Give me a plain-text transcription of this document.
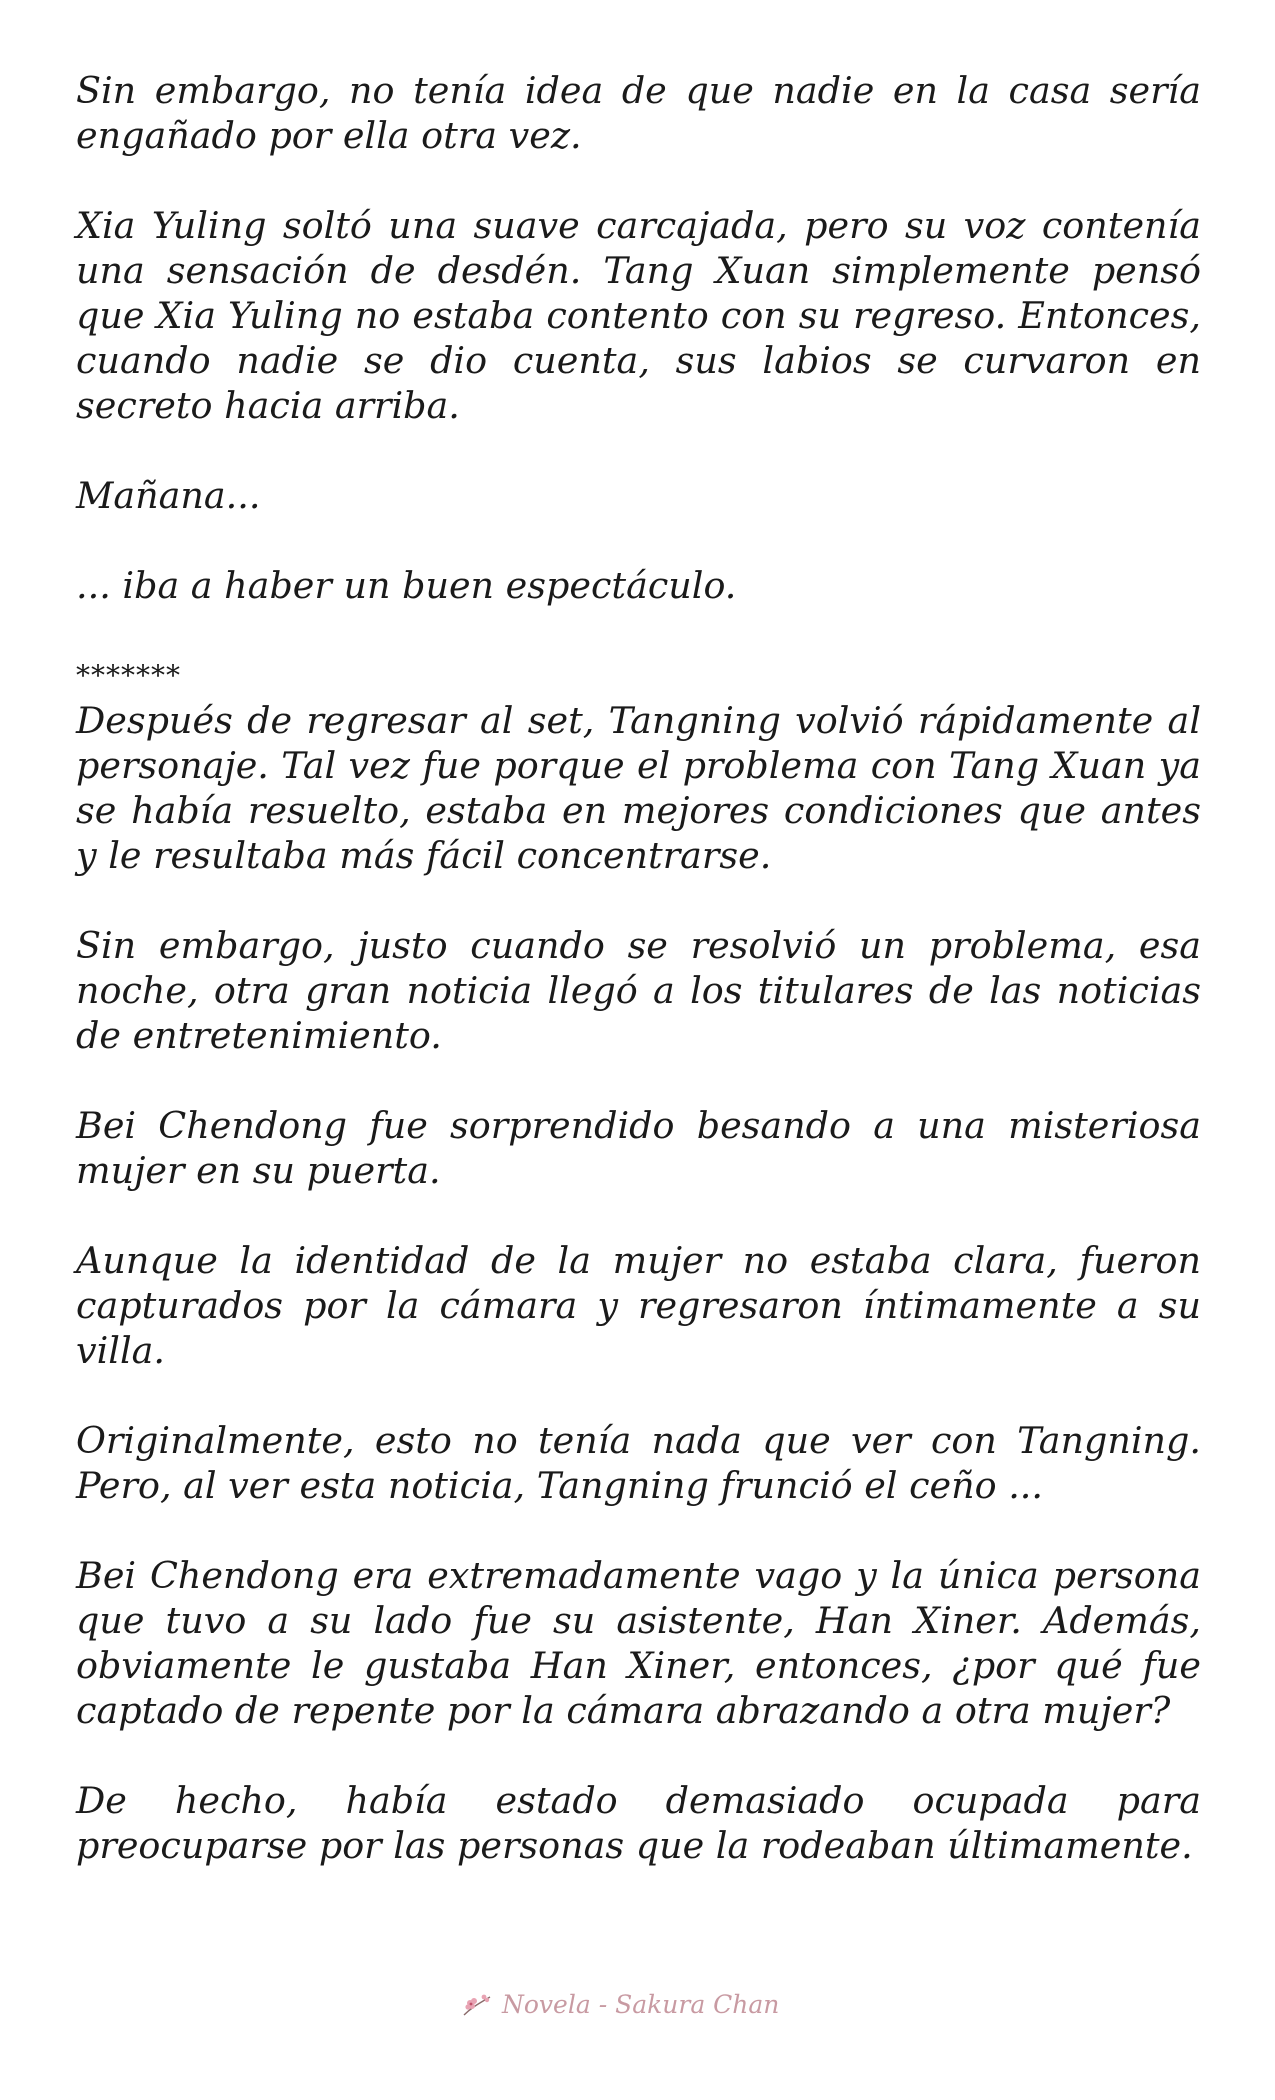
Sin embargo, no tenía idea de que nadie en la casa sería engañado por ella otra vez.

Xia Yuling soltó una suave carcajada, pero su voz contenía una sensación de desdén. Tang Xuan simplemente pensó que Xia Yuling no estaba contento con su regreso. Entonces, cuando nadie se dio cuenta, sus labios se curvaron en secreto hacia arriba.

Mañana...

... iba a haber un buen espectáculo.

*******

Después de regresar al set, Tangning volvió rápidamente al personaje. Tal vez fue porque el problema con Tang Xuan ya se había resuelto, estaba en mejores condiciones que antes y le resultaba más fácil concentrarse.

Sin embargo, justo cuando se resolvió un problema, esa noche, otra gran noticia llegó a los titulares de las noticias de entretenimiento.

Bei Chendong fue sorprendido besando a una misteriosa mujer en su puerta.

Aunque la identidad de la mujer no estaba clara, fueron capturados por la cámara y regresaron íntimamente a su villa.

Originalmente, esto no tenía nada que ver con Tangning. Pero, al ver esta noticia, Tangning frunció el ceño ...

Bei Chendong era extremadamente vago y la única persona que tuvo a su lado fue su asistente, Han Xiner. Además, obviamente le gustaba Han Xiner, entonces, ¿por qué fue captado de repente por la cámara abrazando a otra mujer?

De hecho, había estado demasiado ocupada para preocuparse por las personas que la rodeaban últimamente.

Novela - Sakura Chan
